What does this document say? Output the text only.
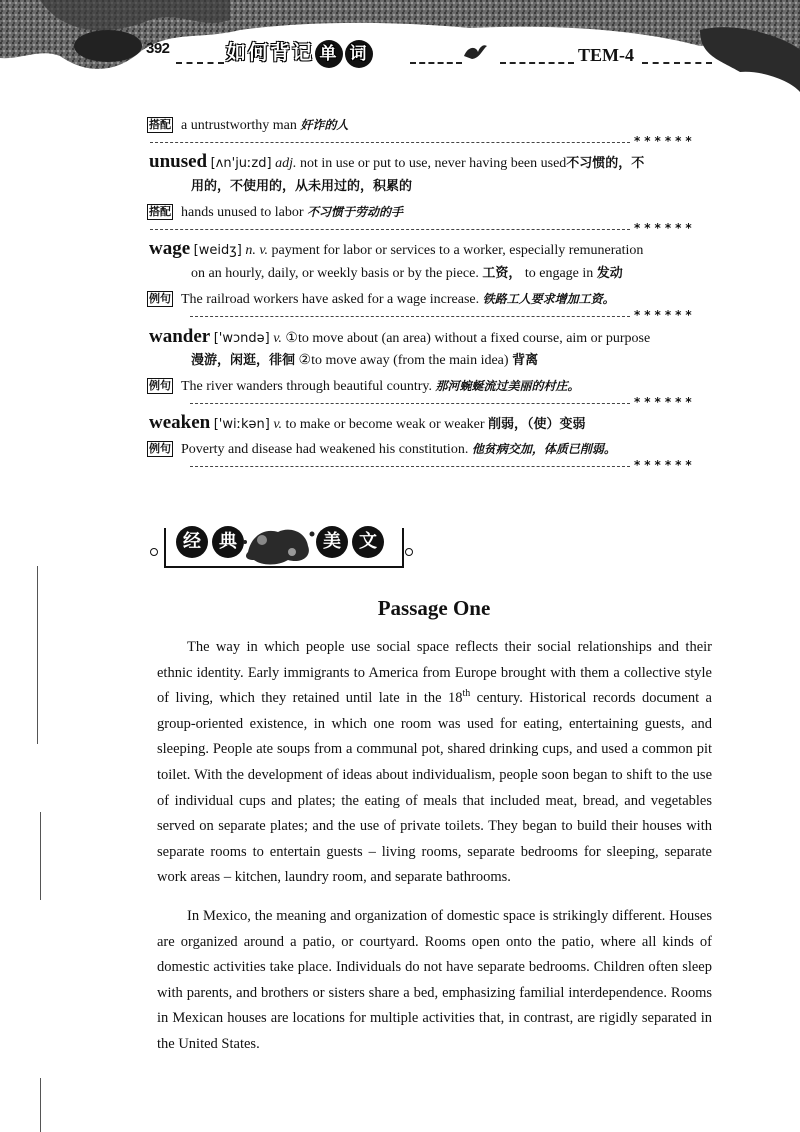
392	如何背记 单 词	TEM-4
搭配 a untrustworthy man 奸诈的人
******
unused [ʌn'juːzd] adj. not in use or put to use, never having been used不习惯的，不
用的，不使用的，从未用过的，积累的
搭配 hands unused to labor 不习惯于劳动的手
******
wage [weidʒ] n. v. payment for labor or services to a worker, especially remuneration
on an hourly, daily, or weekly basis or by the piece. 工资， to engage in 发动
例句 The railroad workers have asked for a wage increase. 铁路工人要求增加工资。
******
wander ['wɔndə] v. ①to move about (an area) without a fixed course, aim or purpose
漫游，闲逛，徘徊 ②to move away (from the main idea) 背离
例句 The river wanders through beautiful country. 那河蜿蜒流过美丽的村庄。
******
weaken ['wiːkən] v. to make or become weak or weaker 削弱，（使）变弱
例句 Poverty and disease had weakened his constitution. 他贫病交加，体质已削弱。
******
经	典	美	文
Passage One

The way in which people use social space reflects their social relationships and their ethnic identity. Early immigrants to America from Europe brought with them a collective style of living, which they retained until late in the 18th century. Historical records document a group-oriented existence, in which one room was used for eating, entertaining guests, and sleeping. People ate soups from a communal pot, shared drinking cups, and used a common pit toilet. With the development of ideas about individualism, people soon began to shift to the use of individual cups and plates; the eating of meals that included meat, bread, and vegetables served on separate plates; and the use of private toilets. They began to build their houses with separate rooms to entertain guests – living rooms, separate bedrooms for sleeping, separate work areas – kitchen, laundry room, and separate bathrooms.

In Mexico, the meaning and organization of domestic space is strikingly different. Houses are organized around a patio, or courtyard. Rooms open onto the patio, where all kinds of domestic activities take place. Individuals do not have separate bedrooms. Children often sleep with parents, and brothers or sisters share a bed, emphasizing familial interdependence. Rooms in Mexican houses are locations for multiple activities that, in contrast, are rigidly separated in the United States.
